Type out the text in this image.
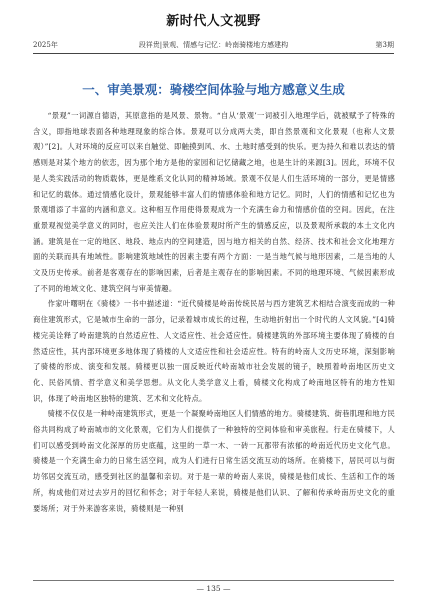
新时代人文视野
2025年	段祥贵|景观、情感与记忆：岭南骑楼地方感建构	第3期
一、审美景观：骑楼空间体验与地方感意义生成

“景观”一词源自德语，其原意指的是风景、景物。“自从‘景观’一词被引入地理学后，就被赋予了特殊的含义，即指地球表面各种地理现象的综合体。景观可以分成两大类，即自然景观和文化景观（也称人文景观）”[2]。人对环境的反应可以来自触觉、即触摸到风、水、土地时感受到的快乐。更为持久和难以表达的情感则是对某个地方的依恋，因为那个地方是他的家园和记忆储藏之地，也是生计的来源[3]。因此，环境不仅是人类实践活动的物质载体，更是维系文化认同的精神场域。景观不仅是人们生活环境的一部分，更是情感和记忆的载体。通过情感化设计，景观能够丰富人们的情感体验和地方记忆。同时，人们的情感和记忆也为景观增添了丰富的内涵和意义。这种相互作用使得景观成为一个充满生命力和情感价值的空间。因此，在注重景观视觉美学意义的同时，也应关注人们在体验景观时所产生的情感反应，以及景观所承载的本土文化内涵。建筑是在一定的地区、地段、地点内的空间建造，因与地方相关的自然、经济、技术和社会文化地理方面的关联而具有地域性。影响建筑地域性的因素主要有两个方面：一是当地气候与地形因素，二是当地的人文及历史传承。前者是客观存在的影响因素，后者是主观存在的影响因素。不同的地理环境、气候因素形成了不同的地域文化、建筑空间与审美情趣。

作家叶曙明在《骑楼》一书中描述道：“近代骑楼是岭南传统民居与西方建筑艺术相结合演变而成的一种商住建筑形式，它是城市生命的一部分，记录着城市成长的过程，生动地折射出一个时代的人文风貌。”[4]骑楼完美诠释了岭南建筑的自然适应性、人文适应性、社会适应性。骑楼建筑的外部环境主要体现了骑楼的自然适应性，其内部环境更多地体现了骑楼的人文适应性和社会适应性。特有的岭南人文历史环境，深刻影响了骑楼的形成、演变和发展。骑楼更以独一面反映近代岭南城市社会发展的镜子，映照着岭南地区历史文化、民俗风情、哲学意义和美学思想。从文化人类学意义上看，骑楼文化构成了岭南地区特有的地方性知识，体现了岭南地区独特的建筑、艺术和文化特点。

骑楼不仅仅是一种岭南建筑形式，更是一个凝聚岭南地区人们情感的地方。骑楼建筑、街巷肌理和地方民俗共同构成了岭南城市的文化景观，它们为人们提供了一种独特的空间体验和审美旅程。行走在骑楼下，人们可以感受到岭南文化深厚的历史底蕴，这里的一草一木、一砖一瓦都带有浓郁的岭南近代历史文化气息。骑楼是一个充满生命力的日常生活空间，成为人们进行日常生活交流互动的场所。在骑楼下，居民可以与街坊邻居交流互动，感受到社区的温馨和亲切。对于是一辈的岭南人来说，骑楼是他们成长、生活和工作的场所，构成他们对过去岁月的回忆和怀念；对于年轻人来说，骑楼是他们认识、了解和传承岭南历史文化的重要场所；对于外来游客来说，骑楼则是一种别

— 135 —
